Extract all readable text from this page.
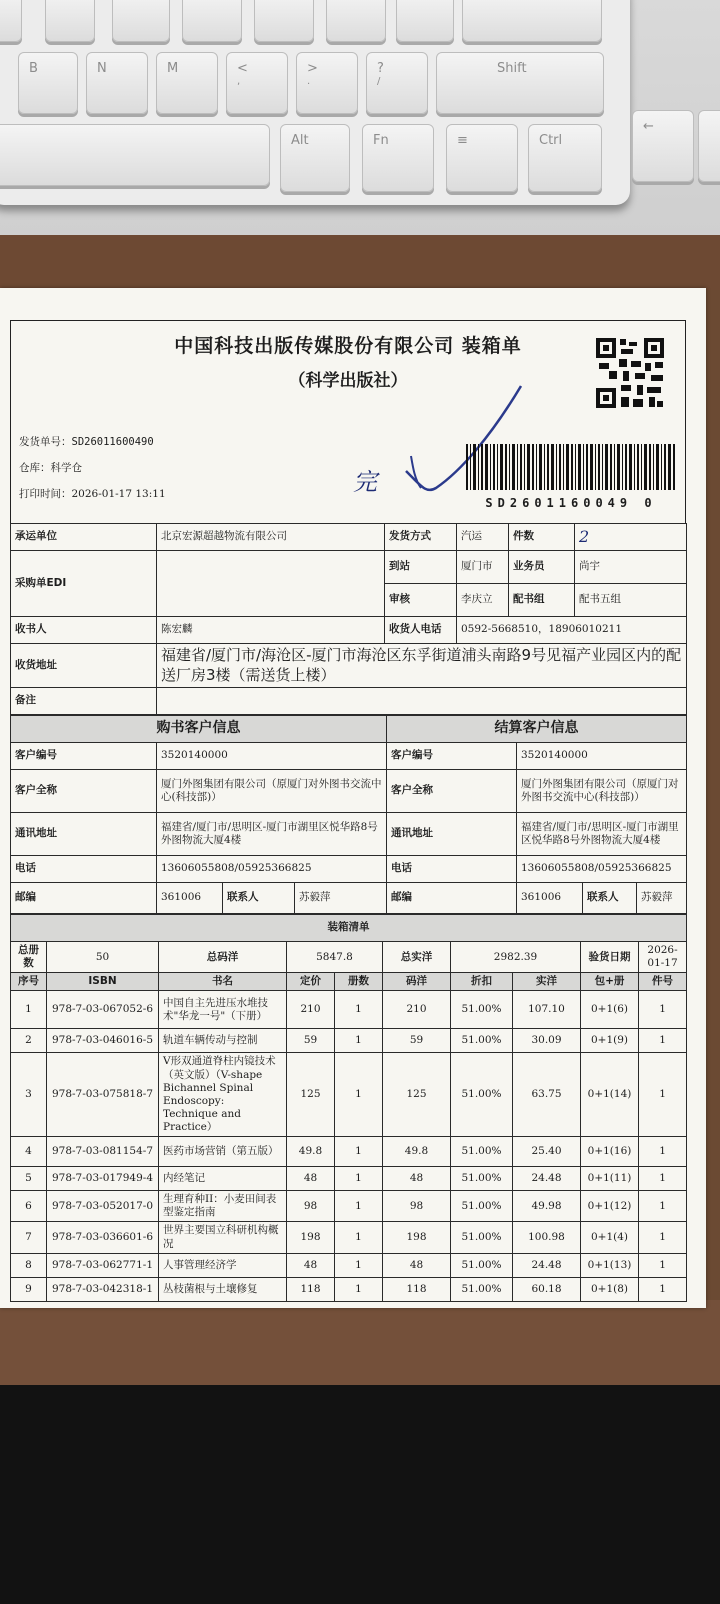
B	N	M	<
,
>
.
?
/
Shift
Alt	Fn	≡	Ctrl
←
中国科技出版传媒股份有限公司 装箱单
（科学出版社）
发货单号：SD26011600490
仓库：科学仓
打印时间：2026-01-17 13:11	完
SD2601160049 0
承运单位	北京宏源超越物流有限公司	发货方式	汽运	件数	2
采购单EDI		到站	厦门市	业务员	尚宇
		审核	李庆立	配书组	配书五组
收书人	陈宏麟	收货人电话	0592-5668510，18906010211		
收货地址	福建省/厦门市/海沧区-厦门市海沧区东孚街道浦头南路9号见福产业园区内的配送厂房3楼（需送货上楼）				
备注					
购书客户信息				结算客户信息			
客户编号	3520140000			客户编号	3520140000		
客户全称	厦门外图集团有限公司（原厦门对外图书交流中心(科技部)）			客户全称	厦门外图集团有限公司（原厦门对外图书交流中心(科技部)）		
通讯地址	福建省/厦门市/思明区-厦门市湖里区悦华路8号外图物流大厦4楼			通讯地址	福建省/厦门市/思明区-厦门市湖里区悦华路8号外图物流大厦4楼		
电话	13606055808/05925366825			电话	13606055808/05925366825		
邮编	361006	联系人	苏毅萍	邮编	361006	联系人	苏毅萍
装箱清单									
总册数	50	总码洋	5847.8		总实洋	2982.39		验货日期	2026-01-17
序号	ISBN	书名	定价	册数	码洋	折扣	实洋	包+册	件号
1	978-7-03-067052-6	中国自主先进压水堆技术"华龙一号"（下册）	210	1	210	51.00%	107.10	0+1(6)	1
2	978-7-03-046016-5	轨道车辆传动与控制	59	1	59	51.00%	30.09	0+1(9)	1
3	978-7-03-075818-7	V形双通道脊柱内镜技术（英文版）（V-shape Bichannel Spinal Endoscopy: Technique and Practice）	125	1	125	51.00%	63.75	0+1(14)	1
4	978-7-03-081154-7	医药市场营销（第五版）	49.8	1	49.8	51.00%	25.40	0+1(16)	1
5	978-7-03-017949-4	内经笔记	48	1	48	51.00%	24.48	0+1(11)	1
6	978-7-03-052017-0	生理育种II：小麦田间表型鉴定指南	98	1	98	51.00%	49.98	0+1(12)	1
7	978-7-03-036601-6	世界主要国立科研机构概况	198	1	198	51.00%	100.98	0+1(4)	1
8	978-7-03-062771-1	人事管理经济学	48	1	48	51.00%	24.48	0+1(13)	1
9	978-7-03-042318-1	丛枝菌根与土壤修复	118	1	118	51.00%	60.18	0+1(8)	1
